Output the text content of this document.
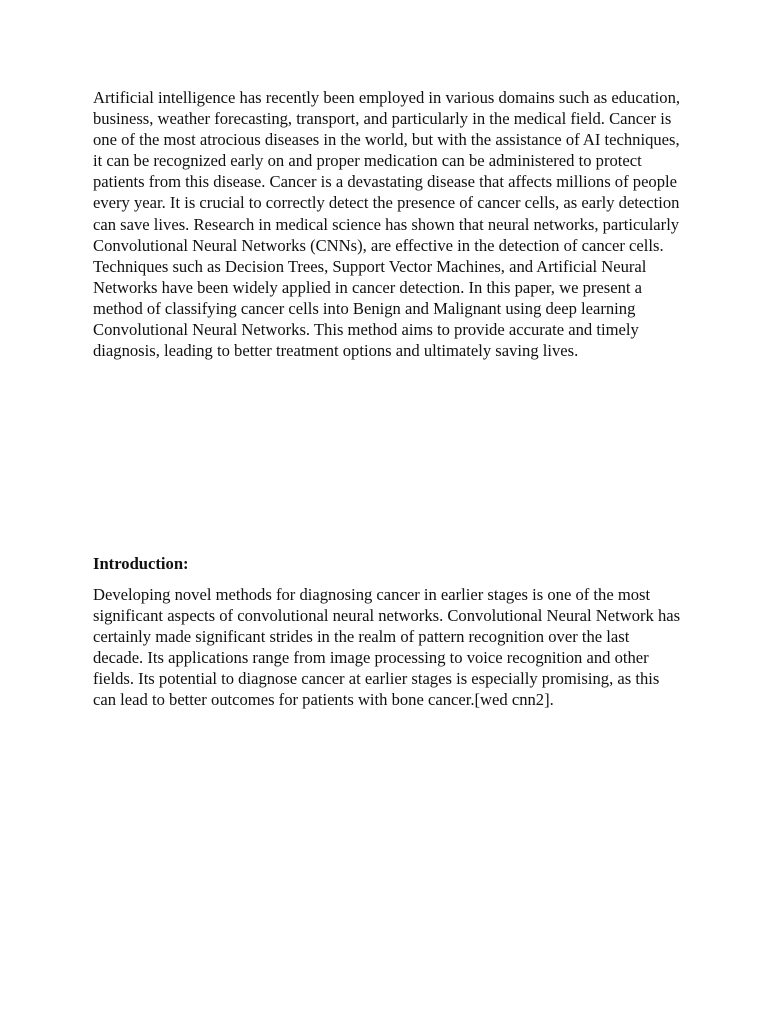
Artificial intelligence has recently been employed in various domains such as education, business, weather forecasting, transport, and particularly in the medical field. Cancer is one of the most atrocious diseases in the world, but with the assistance of AI techniques, it can be recognized early on and proper medication can be administered to protect patients from this disease. Cancer is a devastating disease that affects millions of people every year. It is crucial to correctly detect the presence of cancer cells, as early detection can save lives. Research in medical science has shown that neural networks, particularly Convolutional Neural Networks (CNNs), are effective in the detection of cancer cells. Techniques such as Decision Trees, Support Vector Machines, and Artificial Neural Networks have been widely applied in cancer detection. In this paper, we present a method of classifying cancer cells into Benign and Malignant using deep learning Convolutional Neural Networks. This method aims to provide accurate and timely diagnosis, leading to better treatment options and ultimately saving lives.

Introduction:

Developing novel methods for diagnosing cancer in earlier stages is one of the most significant aspects of convolutional neural networks. Convolutional Neural Network has certainly made significant strides in the realm of pattern recognition over the last decade. Its applications range from image processing to voice recognition and other fields. Its potential to diagnose cancer at earlier stages is especially promising, as this can lead to better outcomes for patients with bone cancer.[wed cnn2].
